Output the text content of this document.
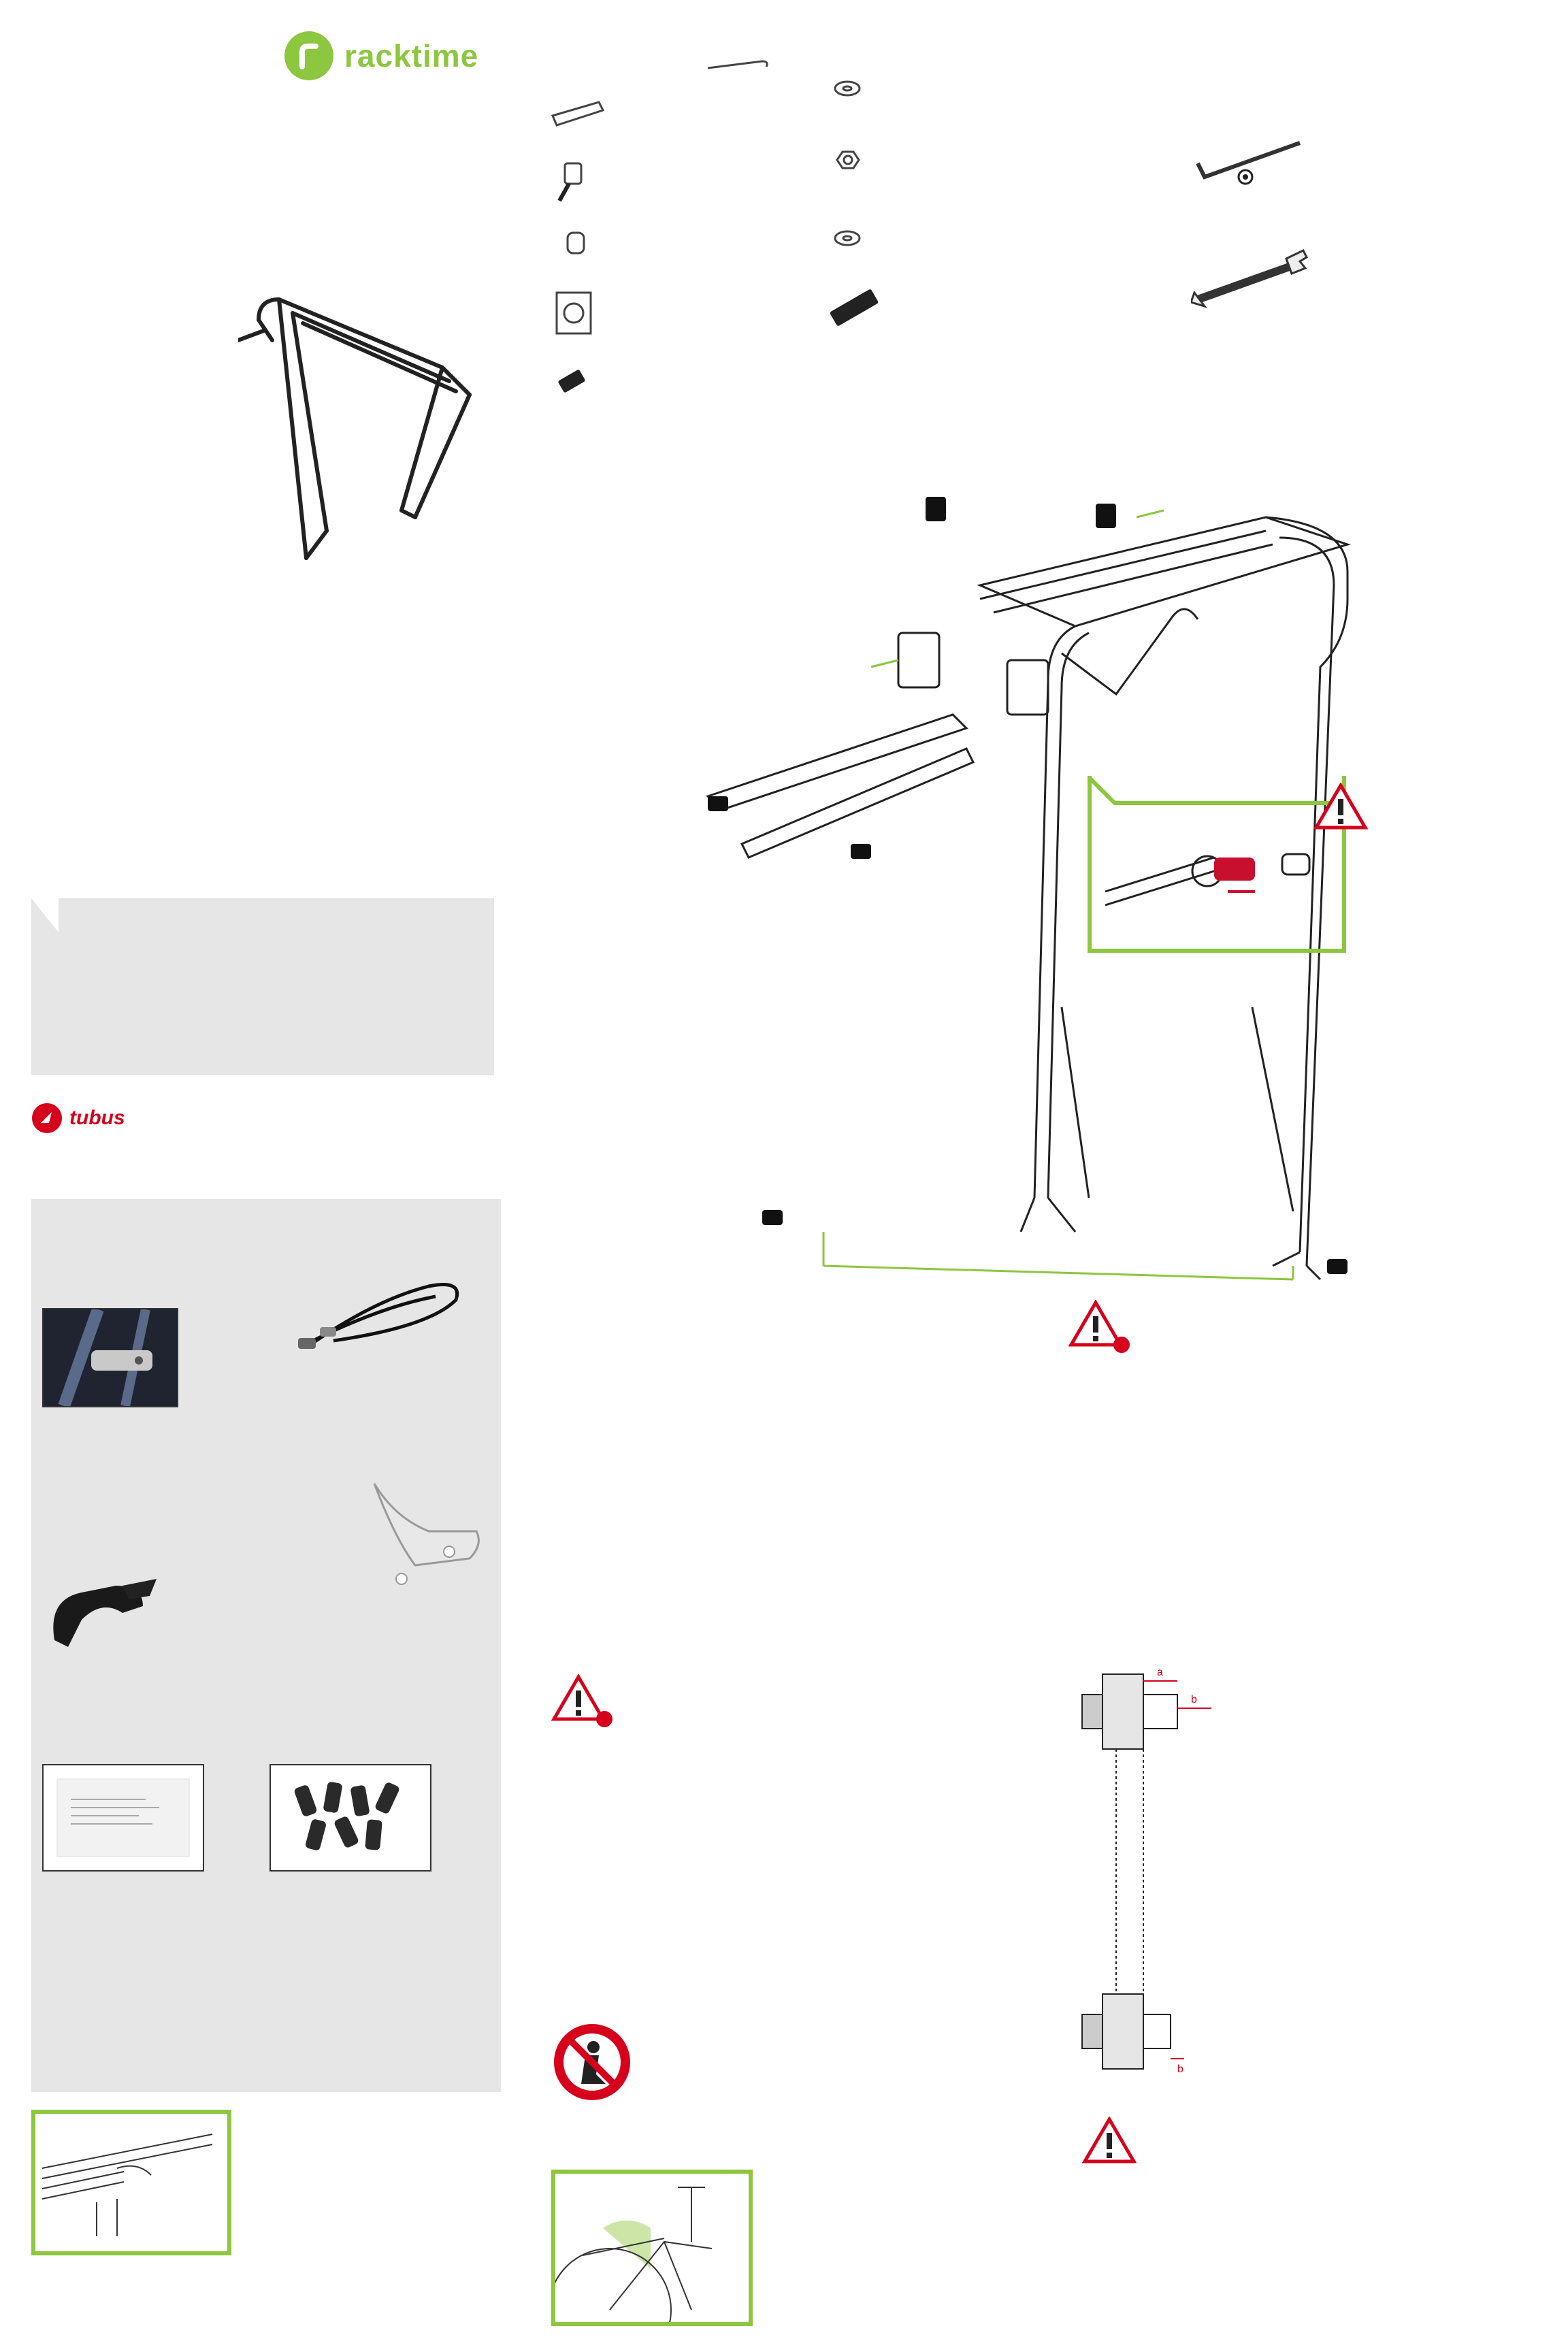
racktime
tubus
a
b
b
